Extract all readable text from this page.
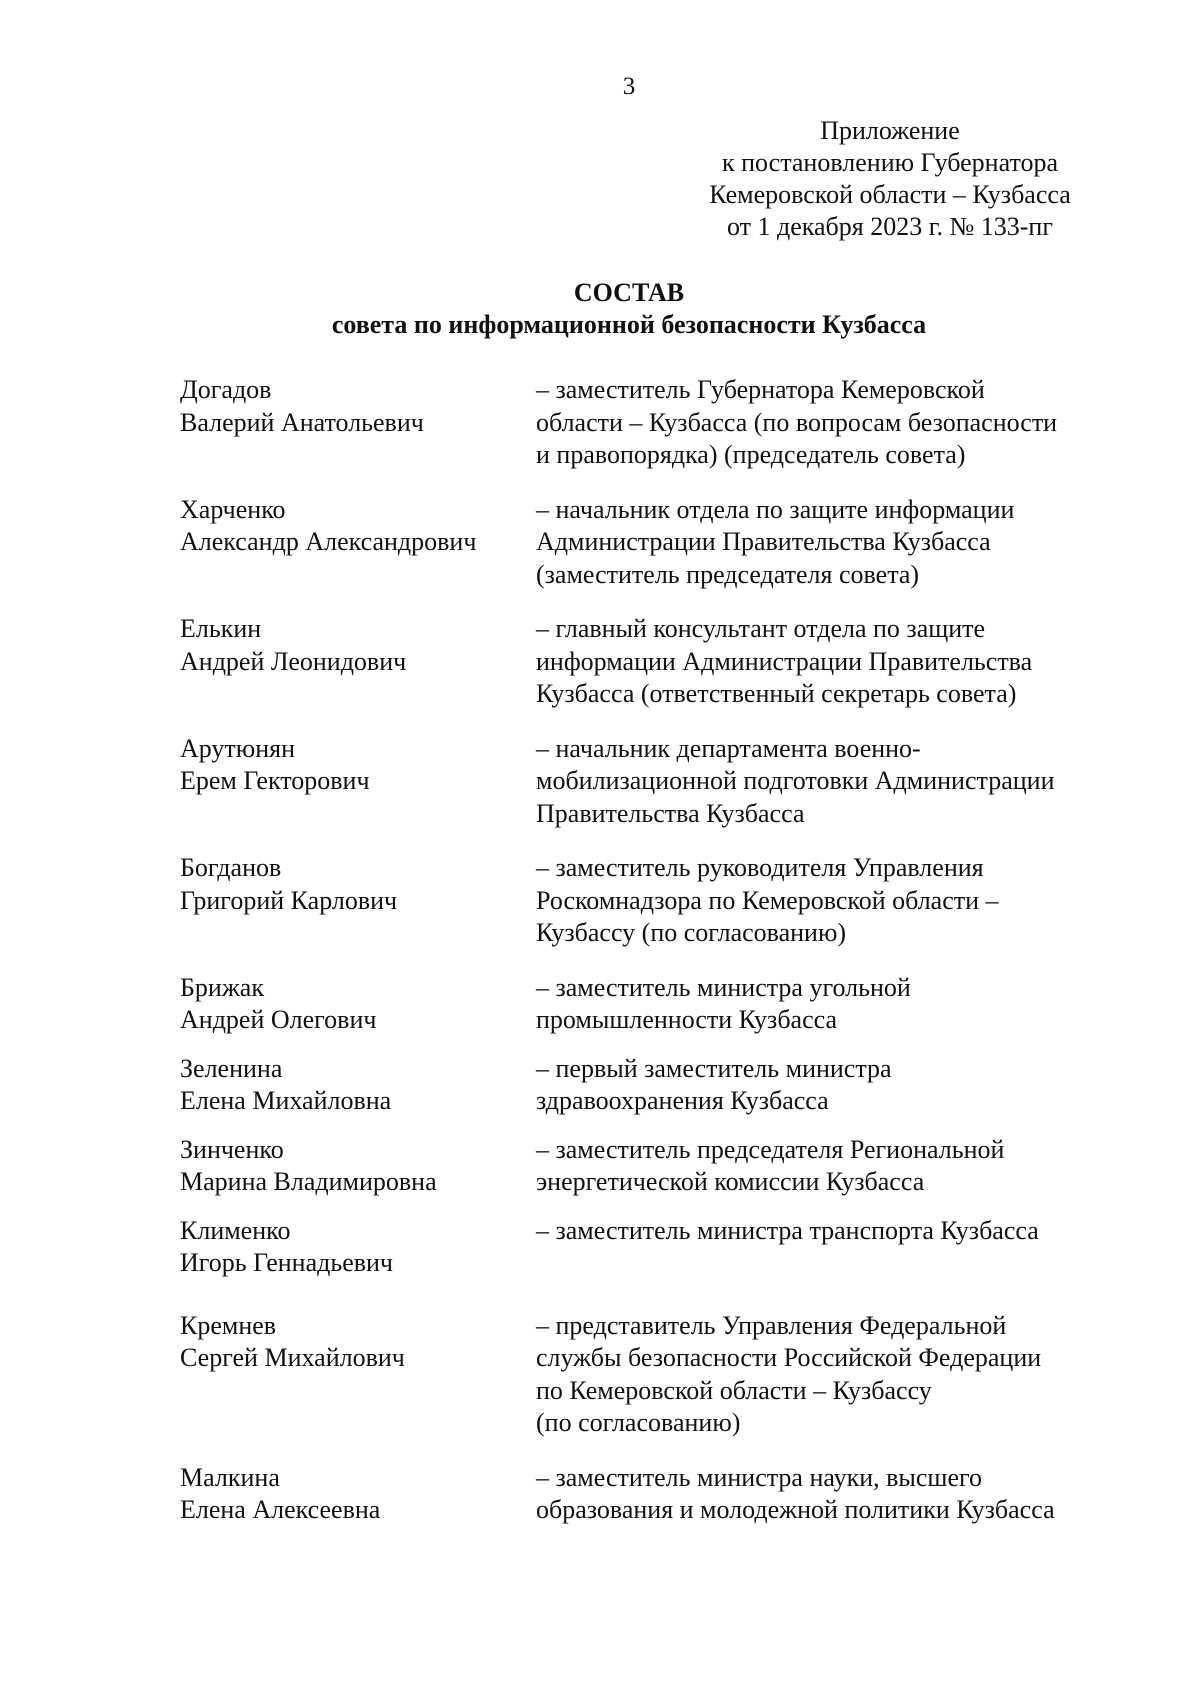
3
Приложение
к постановлению Губернатора
Кемеровской области – Кузбасса
от 1 декабря 2023 г. № 133-пг
СОСТАВ
совета по информационной безопасности Кузбасса
Догадов
Валерий Анатольевич
– заместитель Губернатора Кемеровской
области – Кузбасса (по вопросам безопасности
и правопорядка) (председатель совета)
Харченко
Александр Александрович
– начальник отдела по защите информации
Администрации Правительства Кузбасса
(заместитель председателя совета)
Елькин
Андрей Леонидович
– главный консультант отдела по защите
информации Администрации Правительства
Кузбасса (ответственный секретарь совета)
Арутюнян
Ерем Гекторович
– начальник департамента военно-
мобилизационной подготовки Администрации
Правительства Кузбасса
Богданов
Григорий Карлович
– заместитель руководителя Управления
Роскомнадзора по Кемеровской области –
Кузбассу (по согласованию)
Брижак
Андрей Олегович
– заместитель министра угольной
промышленности Кузбасса
Зеленина
Елена Михайловна
– первый заместитель министра
здравоохранения Кузбасса
Зинченко
Марина Владимировна
– заместитель председателя Региональной
энергетической комиссии Кузбасса
Клименко
Игорь Геннадьевич
– заместитель министра транспорта Кузбасса
Кремнев
Сергей Михайлович
– представитель Управления Федеральной
службы безопасности Российской Федерации
по Кемеровской области – Кузбассу
(по согласованию)
Малкина
Елена Алексеевна
– заместитель министра науки, высшего
образования и молодежной политики Кузбасса
